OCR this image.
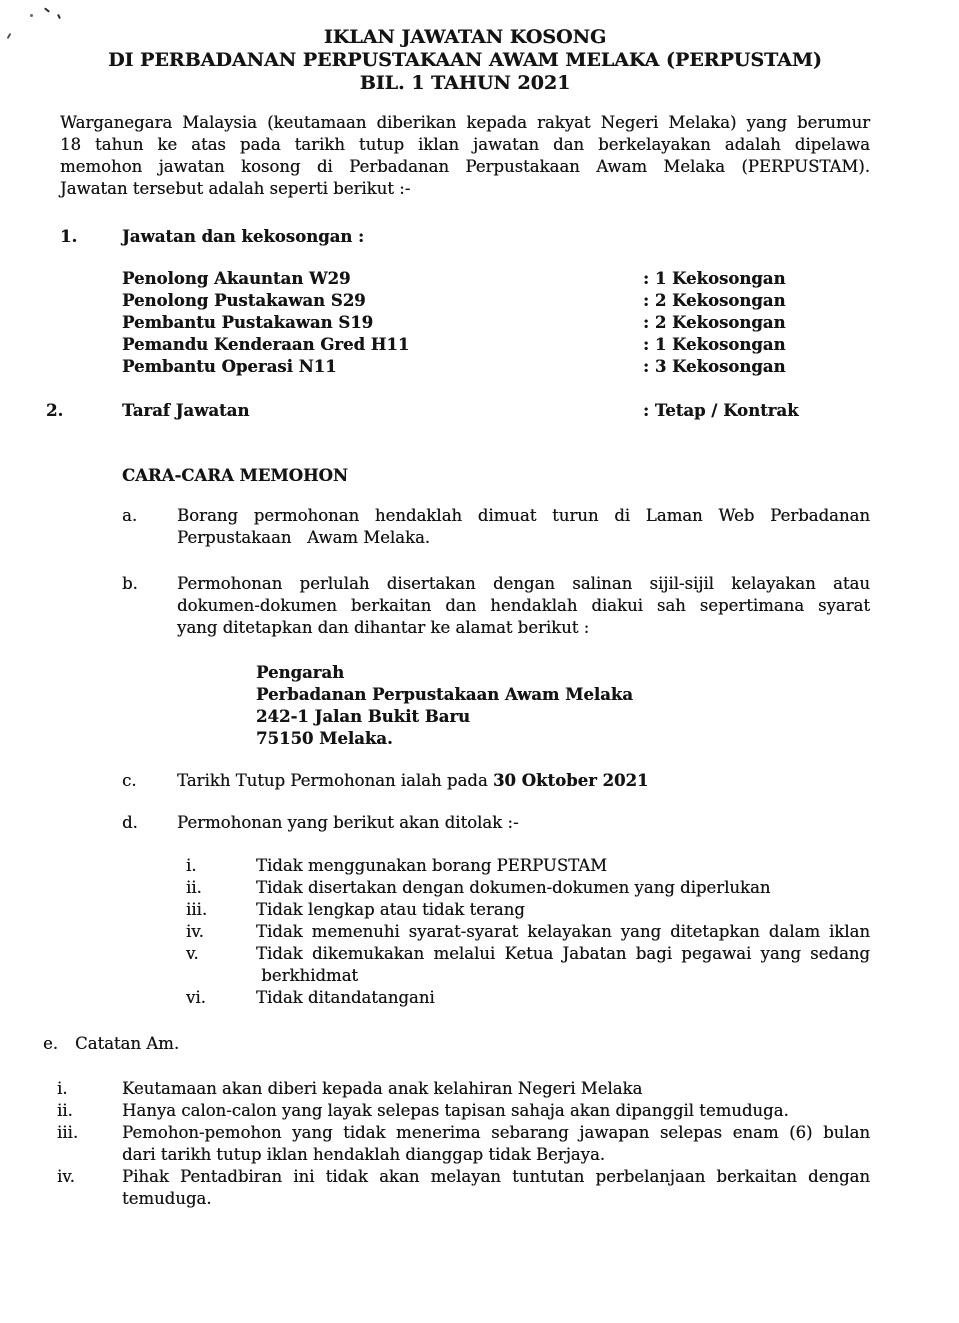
IKLAN JAWATAN KOSONG
DI PERBADANAN PERPUSTAKAAN AWAM MELAKA (PERPUSTAM)
BIL. 1 TAHUN 2021
Warganegara Malaysia (keutamaan diberikan kepada rakyat Negeri Melaka) yang berumur
18 tahun ke atas pada tarikh tutup iklan jawatan dan berkelayakan adalah dipelawa
memohon jawatan kosong di Perbadanan Perpustakaan Awam Melaka (PERPUSTAM).
Jawatan tersebut adalah seperti berikut :-
1.	Jawatan dan kekosongan :
Penolong Akauntan W29	: 1 Kekosongan
Penolong Pustakawan S29	: 2 Kekosongan
Pembantu Pustakawan S19	: 2 Kekosongan
Pemandu Kenderaan Gred H11	: 1 Kekosongan
Pembantu Operasi N11	: 3 Kekosongan
2.	Taraf Jawatan	: Tetap / Kontrak
CARA-CARA MEMOHON
a.	Borang permohonan hendaklah dimuat turun di Laman Web Perbadanan
Perpustakaan   Awam Melaka.
b.	Permohonan perlulah disertakan dengan salinan sijil-sijil kelayakan atau
dokumen-dokumen berkaitan dan hendaklah diakui sah sepertimana syarat
yang ditetapkan dan dihantar ke alamat berikut :
Pengarah
Perbadanan Perpustakaan Awam Melaka
242-1 Jalan Bukit Baru
75150 Melaka.
c.	Tarikh Tutup Permohonan ialah pada 30 Oktober 2021
d.	Permohonan yang berikut akan ditolak :-
i.	Tidak menggunakan borang PERPUSTAM
ii.	Tidak disertakan dengan dokumen-dokumen yang diperlukan
iii.	Tidak lengkap atau tidak terang
iv.	Tidak memenuhi syarat-syarat kelayakan yang ditetapkan dalam iklan
v.	Tidak dikemukakan melalui Ketua Jabatan bagi pegawai yang sedang
berkhidmat
vi.	Tidak ditandatangani
e.	Catatan Am.
i.	Keutamaan akan diberi kepada anak kelahiran Negeri Melaka
ii.	Hanya calon-calon yang layak selepas tapisan sahaja akan dipanggil temuduga.
iii.	Pemohon-pemohon yang tidak menerima sebarang jawapan selepas enam (6) bulan
dari tarikh tutup iklan hendaklah dianggap tidak Berjaya.
iv.	Pihak Pentadbiran ini tidak akan melayan tuntutan perbelanjaan berkaitan dengan
temuduga.
